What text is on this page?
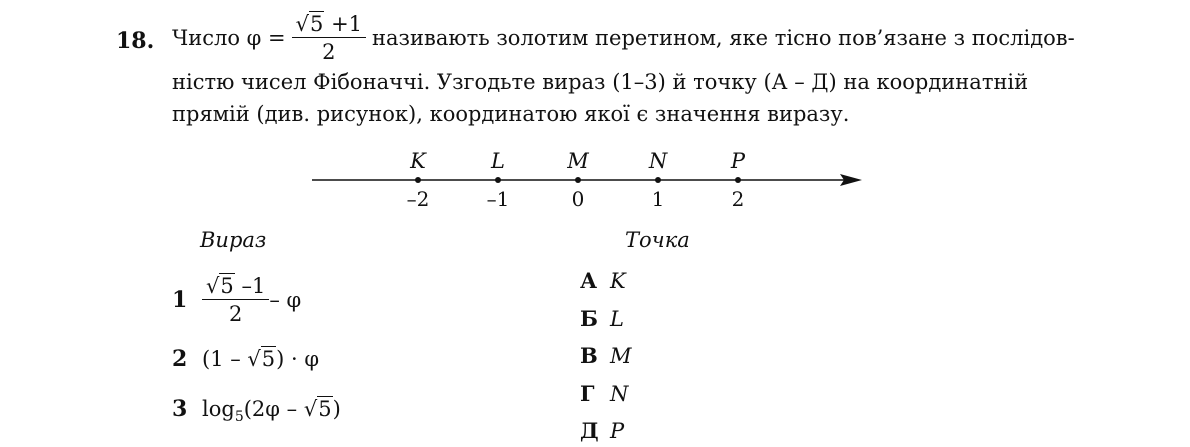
18. Число $\varphi = \frac{√5 +1}{2}$ називають золотим перетином, яке тісно пов’язане з послідов-
ністю чисел Фібоначчі. Узгодьте вираз (1–3) й точку (А – Д) на координатній
прямій (див. рисунок), координатою якої є значення виразу.
K
–2
L
–1
M
0
N
1
P
2
Вираз	Точка
$1 \frac{√5 -1}{2}$ – φ
2 (1 – √5) · φ
3 $\log_5(2\varphi - √5)$
А K
Б L
В M
Г N
Д P
